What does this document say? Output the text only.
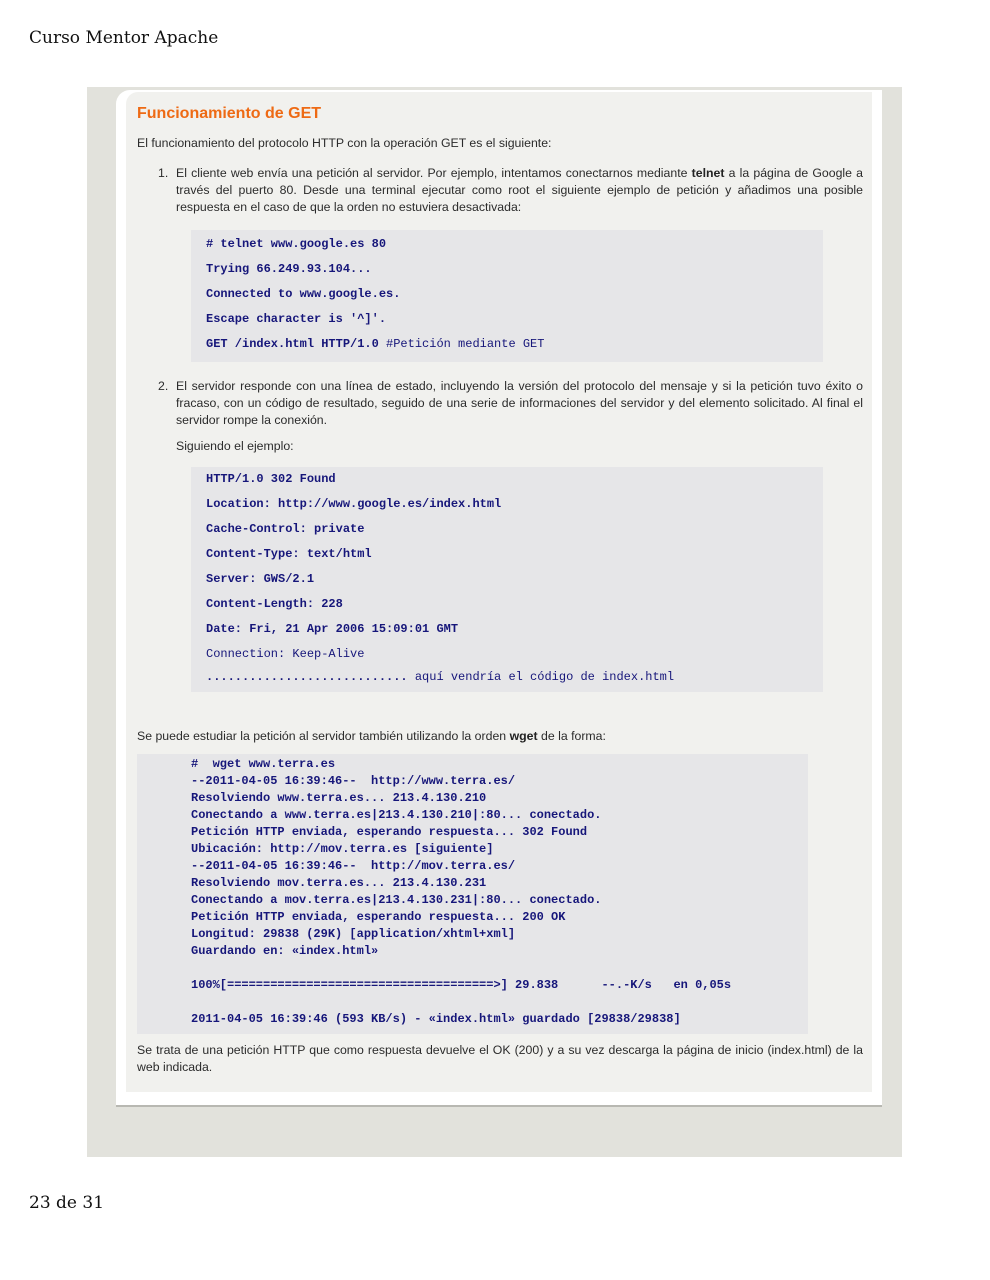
Curso Mentor Apache
Funcionamiento de GET

El funcionamiento del protocolo HTTP con la operación GET es el siguiente:

1. El cliente web envía una petición al servidor. Por ejemplo, intentamos conectarnos mediante telnet a la página de Google a través del puerto 80. Desde una terminal ejecutar como root el siguiente ejemplo de petición y añadimos una posible respuesta en el caso de que la orden no estuviera desactivada:

# telnet www.google.es 80
Trying 66.249.93.104...
Connected to www.google.es.
Escape character is '^]'.
GET /index.html HTTP/1.0 #Petición mediante GET
2. El servidor responde con una línea de estado, incluyendo la versión del protocolo del mensaje y si la petición tuvo éxito o fracaso, con un código de resultado, seguido de una serie de informaciones del servidor y del elemento solicitado. Al final el servidor rompe la conexión.

Siguiendo el ejemplo:

HTTP/1.0 302 Found
Location: http://www.google.es/index.html
Cache-Control: private
Content-Type: text/html
Server: GWS/2.1
Content-Length: 228
Date: Fri, 21 Apr 2006 15:09:01 GMT
Connection: Keep-Alive
............................ aquí vendría el código de index.html

Se puede estudiar la petición al servidor también utilizando la orden wget de la forma:

#  wget www.terra.es
--2011-04-05 16:39:46--  http://www.terra.es/
Resolviendo www.terra.es... 213.4.130.210
Conectando a www.terra.es|213.4.130.210|:80... conectado.
Petición HTTP enviada, esperando respuesta... 302 Found
Ubicación: http://mov.terra.es [siguiente]
--2011-04-05 16:39:46--  http://mov.terra.es/
Resolviendo mov.terra.es... 213.4.130.231
Conectando a mov.terra.es|213.4.130.231|:80... conectado.
Petición HTTP enviada, esperando respuesta... 200 OK
Longitud: 29838 (29K) [application/xhtml+xml]
Guardando en: «index.html»
100%[=====================================>] 29.838      --.-K/s   en 0,05s
2011-04-05 16:39:46 (593 KB/s) - «index.html» guardado [29838/29838]

Se trata de una petición HTTP que como respuesta devuelve el OK (200) y a su vez descarga la página de inicio (index.html) de la web indicada.

23 de 31
